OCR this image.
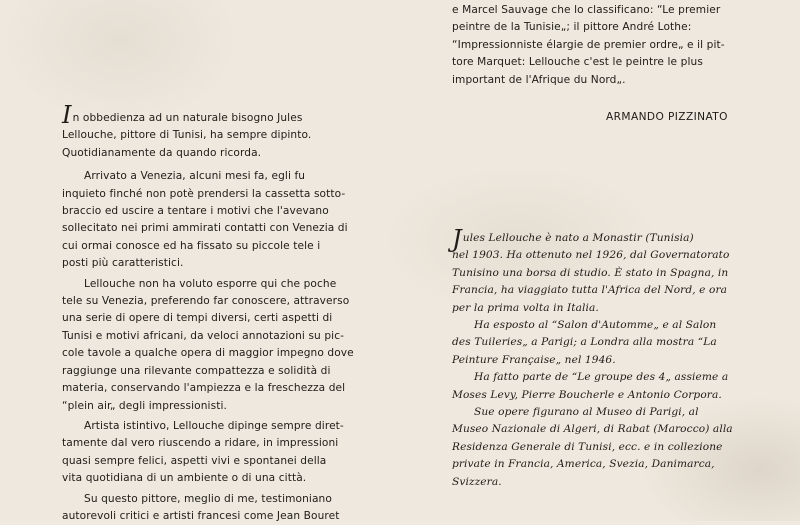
I n obbedienza ad un naturale bisogno Jules
Lellouche, pittore di Tunisi, ha sempre dipinto.
Quotidianamente da quando ricorda.

Arrivato a Venezia, alcuni mesi fa, egli fu
inquieto finché non potè prendersi la cassetta sotto-
braccio ed uscire a tentare i motivi che l'avevano
sollecitato nei primi ammirati contatti con Venezia di
cui ormai conosce ed ha fissato su piccole tele i
posti più caratteristici.

Lellouche non ha voluto esporre qui che poche
tele su Venezia, preferendo far conoscere, attraverso
una serie di opere di tempi diversi, certi aspetti di
Tunisi e motivi africani, da veloci annotazioni su pic-
cole tavole a qualche opera di maggior impegno dove
raggiunge una rilevante compattezza e solidità di
materia, conservando l'ampiezza e la freschezza del
“plein air„ degli impressionisti.

Artista istintivo, Lellouche dipinge sempre diret-
tamente dal vero riuscendo a ridare, in impressioni
quasi sempre felici, aspetti vivi e spontanei della
vita quotidiana di un ambiente o di una città.

Su questo pittore, meglio di me, testimoniano
autorevoli critici e artisti francesi come Jean Bouret

e Marcel Sauvage che lo classificano: “Le premier
peintre de la Tunisie„; il pittore André Lothe:
“Impressionniste élargie de premier ordre„ e il pit-
tore Marquet: Lellouche c'est le peintre le plus
important de l'Afrique du Nord„.

ARMANDO PIZZINATO

Jules Lellouche è nato a Monastir (Tunisia)
nel 1903. Ha ottenuto nel 1926, dal Governatorato
Tunisino una borsa di studio. È stato in Spagna, in
Francia, ha viaggiato tutta l'Africa del Nord, e ora
per la prima volta in Italia.

Ha esposto al “Salon d'Automme„ e al Salon
des Tuileries„ a Parigi; a Londra alla mostra “La
Peinture Française„ nel 1946.

Ha fatto parte de “Le groupe des 4„ assieme a
Moses Levy, Pierre Boucherle e Antonio Corpora.

Sue opere figurano al Museo di Parigi, al
Museo Nazionale di Algeri, di Rabat (Marocco) alla
Residenza Generale di Tunisi, ecc. e in collezione
private in Francia, America, Svezia, Danimarca,
Svizzera.
